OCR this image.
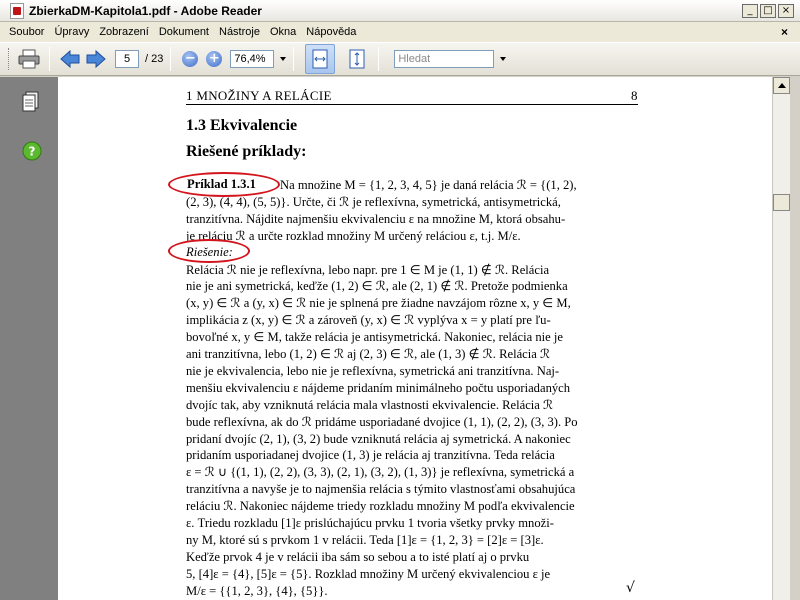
ZbierkaDM-Kapitola1.pdf - Adobe Reader	_	□ ×
Soubor Úpravy Zobrazení Dokument Nástroje Okna Nápověda	×
5	/ 23 − + 76,4%	Hledat
?
1 MNOŽINY A RELÁCIE	8
1.3 Ekvivalencie
Riešené príklady:
Príklad 1.3.1 Na množine M = {1, 2, 3, 4, 5} je daná relácia ℛ = {(1, 2),
(2, 3), (4, 4), (5, 5)}. Určte, či ℛ je reflexívna, symetrická, antisymetrická,
tranzitívna. Nájdite najmenšiu ekvivalenciu ε na množine M, ktorá obsahu-
je reláciu ℛ a určte rozklad množiny M určený reláciou ε, t.j. M/ε.
Riešenie:
Relácia ℛ nie je reflexívna, lebo napr. pre 1 ∈ M je (1, 1) ∉ ℛ. Relácia
nie je ani symetrická, keďže (1, 2) ∈ ℛ, ale (2, 1) ∉ ℛ. Pretože podmienka
(x, y) ∈ ℛ a (y, x) ∈ ℛ nie je splnená pre žiadne navzájom rôzne x, y ∈ M,
implikácia z (x, y) ∈ ℛ a zároveň (y, x) ∈ ℛ vyplýva x = y platí pre ľu-
bovoľné x, y ∈ M, takže relácia je antisymetrická. Nakoniec, relácia nie je
ani tranzitívna, lebo (1, 2) ∈ ℛ aj (2, 3) ∈ ℛ, ale (1, 3) ∉ ℛ. Relácia ℛ
nie je ekvivalencia, lebo nie je reflexívna, symetrická ani tranzitívna. Naj-
menšiu ekvivalenciu ε nájdeme pridaním minimálneho počtu usporiadaných
dvojíc tak, aby vzniknutá relácia mala vlastnosti ekvivalencie. Relácia ℛ
bude reflexívna, ak do ℛ pridáme usporiadané dvojice (1, 1), (2, 2), (3, 3). Po
pridaní dvojíc (2, 1), (3, 2) bude vzniknutá relácia aj symetrická. A nakoniec
pridaním usporiadanej dvojice (1, 3) je relácia aj tranzitívna. Teda relácia
ε = ℛ ∪ {(1, 1), (2, 2), (3, 3), (2, 1), (3, 2), (1, 3)} je reflexívna, symetrická a
tranzitívna a navyše je to najmenšia relácia s týmito vlastnosťami obsahujúca
reláciu ℛ. Nakoniec nájdeme triedy rozkladu množiny M podľa ekvivalencie
ε. Triedu rozkladu [1]ε prislúchajúcu prvku 1 tvoria všetky prvky množi-
ny M, ktoré sú s prvkom 1 v relácii. Teda [1]ε = {1, 2, 3} = [2]ε = [3]ε.
Keďže prvok 4 je v relácii iba sám so sebou a to isté platí aj o prvku
5, [4]ε = {4}, [5]ε = {5}. Rozklad množiny M určený ekvivalenciou ε je
M/ε = {{1, 2, 3}, {4}, {5}}.	√
